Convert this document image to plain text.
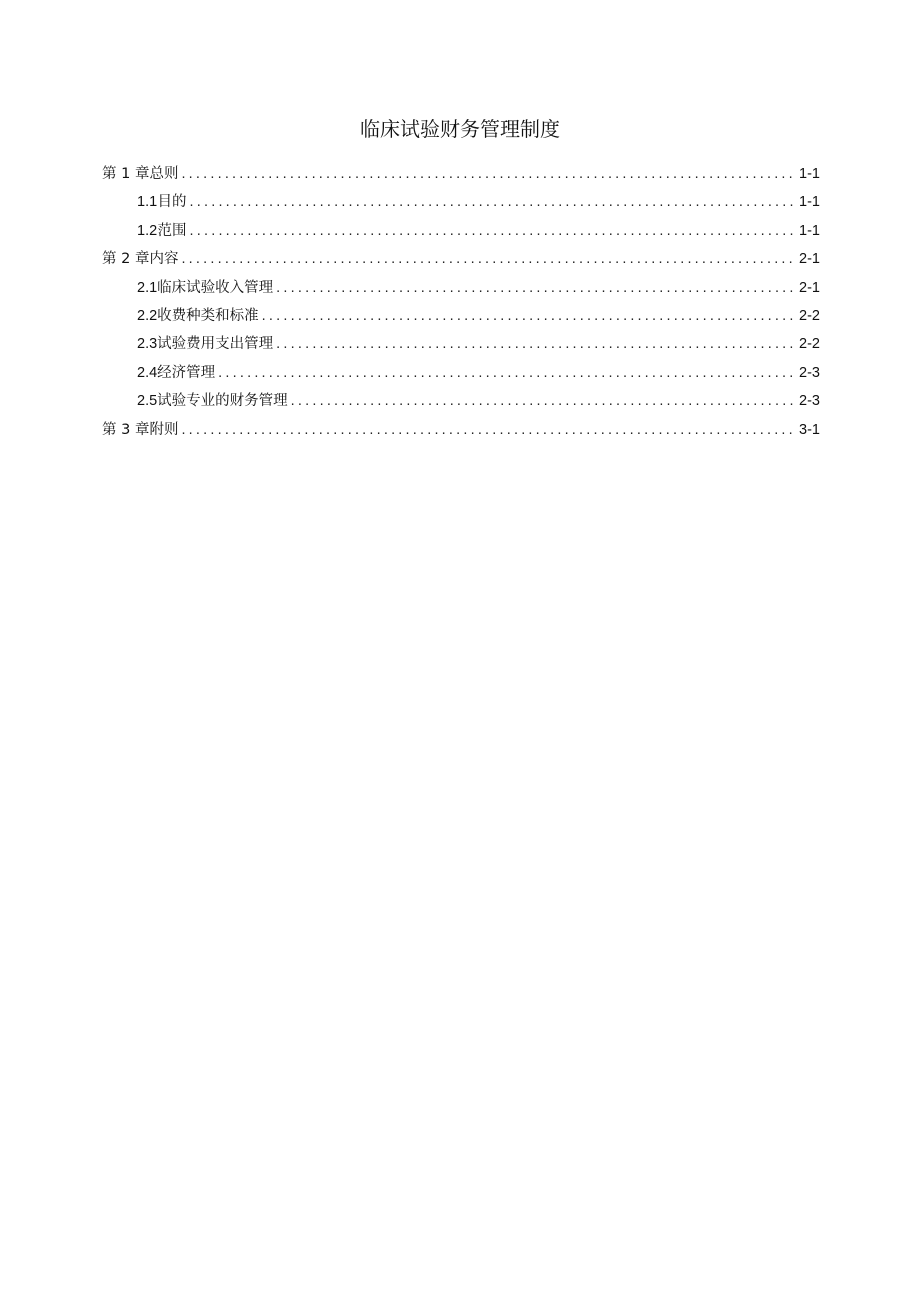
临床试验财务管理制度
第 1 章总则 .....	1-1
1.1 目的 .....	1-1
1.2 范围 .....	1-1
第 2 章内容 .....	2-1
2.1 临床试验收入管理 .....	2-1
2.2 收费种类和标准 .....	2-2
2.3 试验费用支出管理 .....	2-2
2.4 经济管理 .....	2-3
2.5 试验专业的财务管理 .....	2-3
第 3 章附则 .....	3-1
